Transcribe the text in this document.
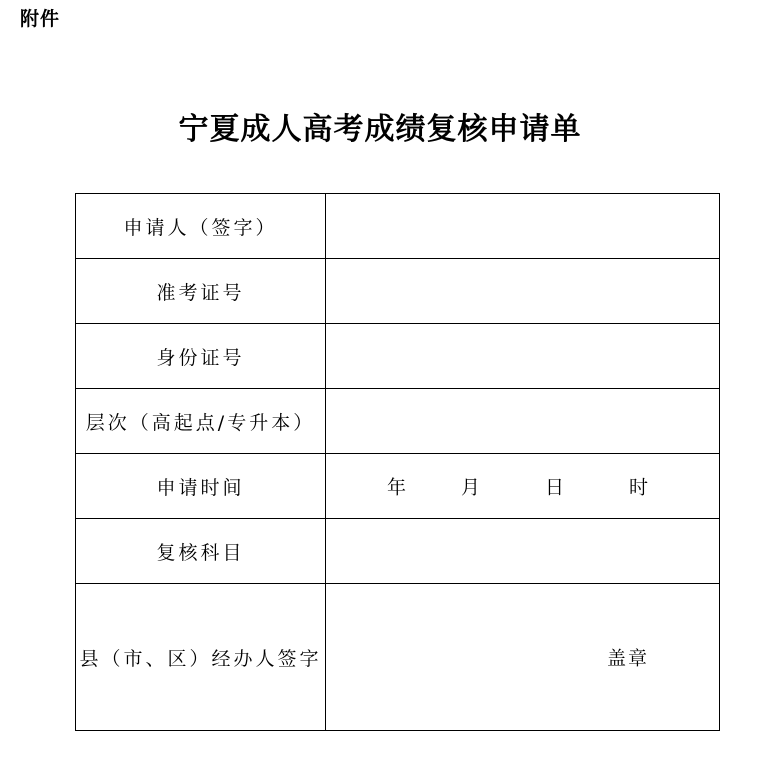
附件
宁夏成人高考成绩复核申请单
申请人（签字）	
准考证号	
身份证号	
层次（高起点/专升本）	
申请时间	年 月 日 时

复核科目	
县（市、区）经办人签字	盖章
